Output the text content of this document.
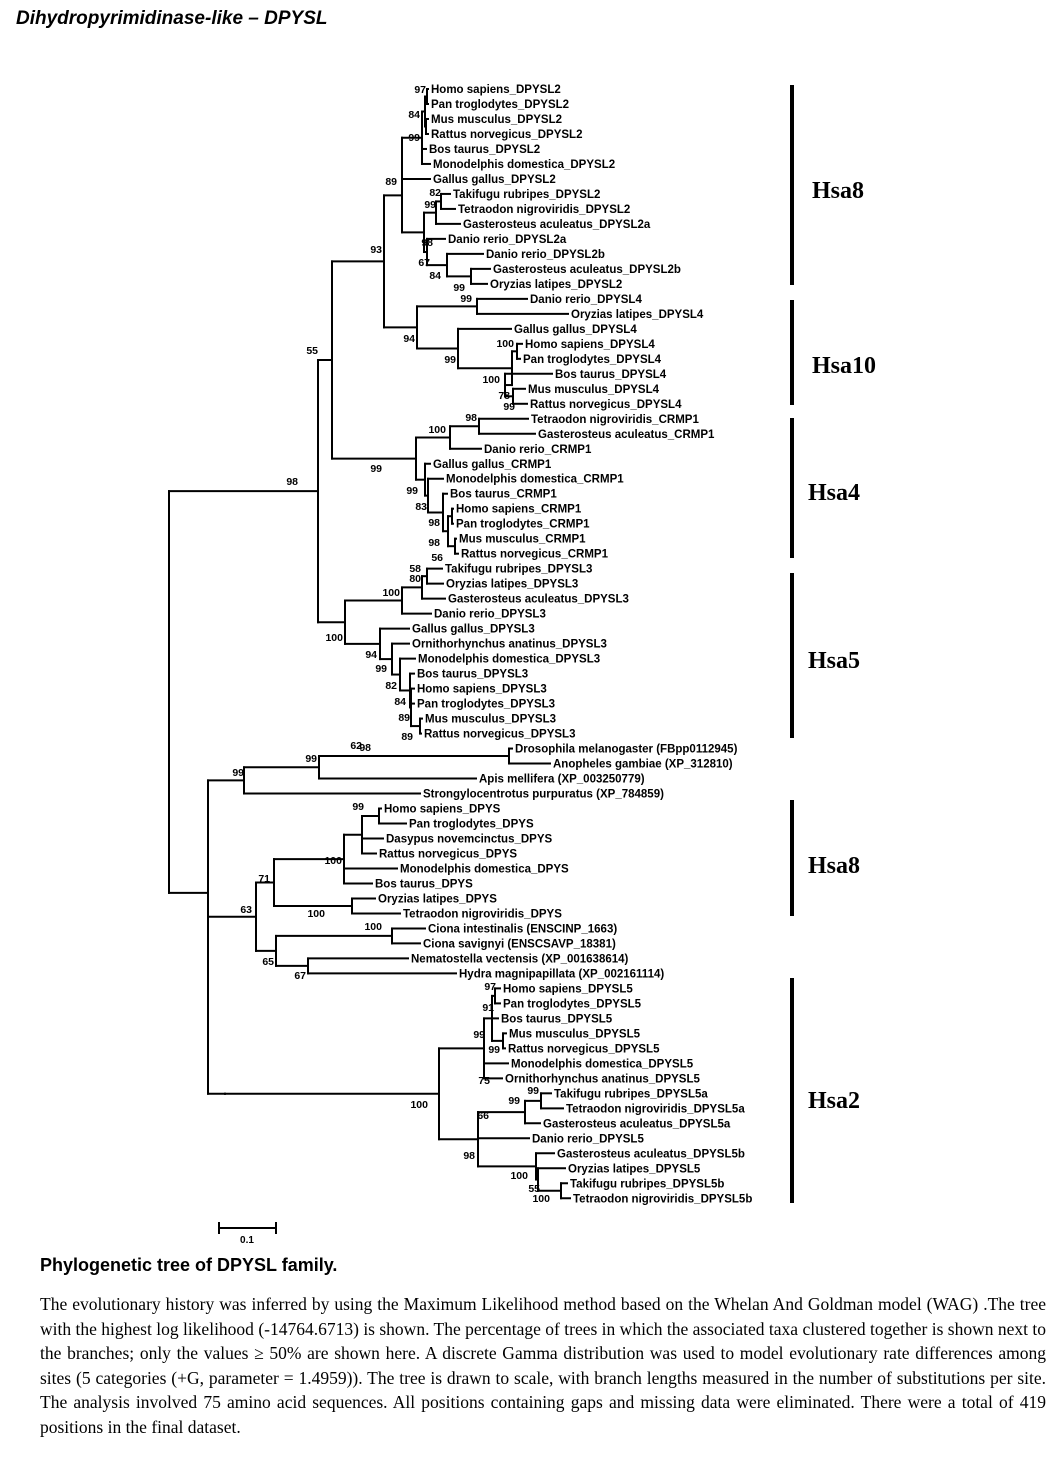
Dihydropyrimidinase-like – DPYSL
Homo sapiens_DPYSL2
Pan troglodytes_DPYSL2
Mus musculus_DPYSL2
Rattus norvegicus_DPYSL2
Bos taurus_DPYSL2
Monodelphis domestica_DPYSL2
Gallus gallus_DPYSL2
Takifugu rubripes_DPYSL2
Tetraodon nigroviridis_DPYSL2
Gasterosteus aculeatus_DPYSL2a
Danio rerio_DPYSL2a
Danio rerio_DPYSL2b
Gasterosteus aculeatus_DPYSL2b
Oryzias latipes_DPYSL2
Danio rerio_DPYSL4
Oryzias latipes_DPYSL4
Gallus gallus_DPYSL4
Homo sapiens_DPYSL4
Pan troglodytes_DPYSL4
Bos taurus_DPYSL4
Mus musculus_DPYSL4
Rattus norvegicus_DPYSL4
Tetraodon nigroviridis_CRMP1
Gasterosteus aculeatus_CRMP1
Danio rerio_CRMP1
Gallus gallus_CRMP1
Monodelphis domestica_CRMP1
Bos taurus_CRMP1
Homo sapiens_CRMP1
Pan troglodytes_CRMP1
Mus musculus_CRMP1
Rattus norvegicus_CRMP1
Takifugu rubripes_DPYSL3
Oryzias latipes_DPYSL3
Gasterosteus aculeatus_DPYSL3
Danio rerio_DPYSL3
Gallus gallus_DPYSL3
Ornithorhynchus anatinus_DPYSL3
Monodelphis domestica_DPYSL3
Bos taurus_DPYSL3
Homo sapiens_DPYSL3
Pan troglodytes_DPYSL3
Mus musculus_DPYSL3
Rattus norvegicus_DPYSL3
Drosophila melanogaster (FBpp0112945)
Anopheles gambiae (XP_312810)
Apis mellifera (XP_003250779)
Strongylocentrotus purpuratus (XP_784859)
Homo sapiens_DPYS
Pan troglodytes_DPYS
Dasypus novemcinctus_DPYS
Rattus norvegicus_DPYS
Monodelphis domestica_DPYS
Bos taurus_DPYS
Oryzias latipes_DPYS
Tetraodon nigroviridis_DPYS
Ciona intestinalis (ENSCINP_1663)
Ciona savignyi (ENSCSAVP_18381)
Nematostella vectensis (XP_001638614)
Hydra magnipapillata (XP_002161114)
Homo sapiens_DPYSL5
Pan troglodytes_DPYSL5
Bos taurus_DPYSL5
Mus musculus_DPYSL5
Rattus norvegicus_DPYSL5
Monodelphis domestica_DPYSL5
Ornithorhynchus anatinus_DPYSL5
Takifugu rubripes_DPYSL5a
Tetraodon nigroviridis_DPYSL5a
Gasterosteus aculeatus_DPYSL5a
Danio rerio_DPYSL5
Gasterosteus aculeatus_DPYSL5b
Oryzias latipes_DPYSL5
Takifugu rubripes_DPYSL5b
Tetraodon nigroviridis_DPYSL5b
97
84
99
89
82
99
98
67
84
99
93
99
94	100
99
100
78
99
55
98
100
99
99
83
98
98
56
98
100
58
80
100
94
99
82
84
89
89
98
99
99
62
99
100
71
100
63
100
65
67
97
91
99
99
75
99
99
66
100
98
100
55
100
Hsa8
Hsa10
Hsa4
Hsa5
Hsa8
Hsa2
0.1
Phylogenetic tree of DPYSL family.

The evolutionary history was inferred by using the Maximum Likelihood method based on the Whelan And Goldman model (WAG) .The tree with the highest log likelihood (-14764.6713) is shown. The percentage of trees in which the associated taxa clustered together is shown next to the branches; only the values ≥ 50% are shown here. A discrete Gamma distribution was used to model evolutionary rate differences among sites (5 categories (+G, parameter = 1.4959)). The tree is drawn to scale, with branch lengths measured in the number of substitutions per site. The analysis involved 75 amino acid sequences. All positions containing gaps and missing data were eliminated. There were a total of 419 positions in the final dataset.
